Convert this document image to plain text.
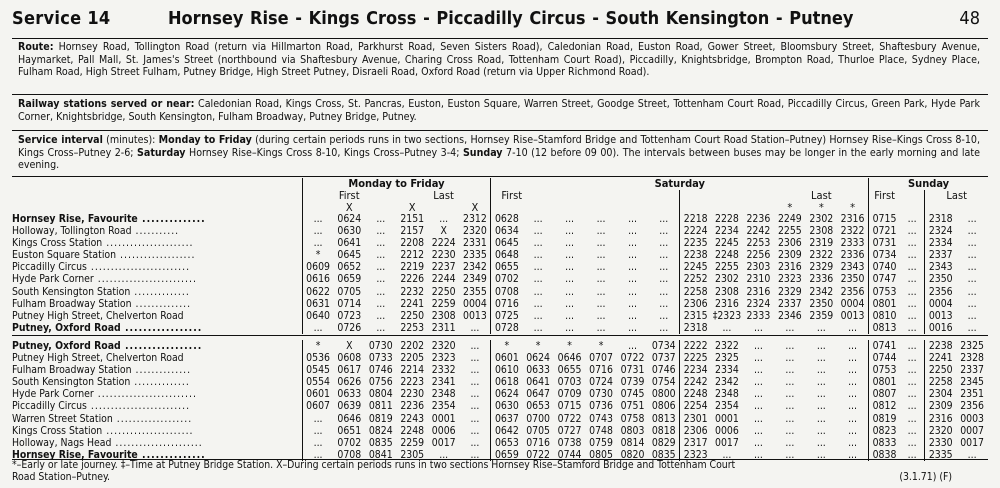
Service 14	Hornsey Rise - Kings Cross - Piccadilly Circus - South Kensington - Putney	48

Route: Hornsey Road, Tollington Road (return via Hillmarton Road, Parkhurst Road, Seven Sisters Road), Caledonian Road, Euston Road, Gower Street, Bloomsbury Street, Shaftesbury Avenue, Haymarket, Pall Mall, St. James's Street (northbound via Shaftesbury Avenue, Charing Cross Road, Tottenham Court Road), Piccadilly, Knightsbridge, Brompton Road, Thurloe Place, Sydney Place, Fulham Road, High Street Fulham, Putney Bridge, High Street Putney, Disraeli Road, Oxford Road (return via Upper Richmond Road).

Railway stations served or near: Caledonian Road, Kings Cross, St. Pancras, Euston, Euston Square, Warren Street, Goodge Street, Tottenham Court Road, Piccadilly Circus, Green Park, Hyde Park Corner, Knightsbridge, South Kensington, Fulham Broadway, Putney Bridge, Putney.

Service interval (minutes): Monday to Friday (during certain periods runs in two sections, Hornsey Rise–Stamford Bridge and Tottenham Court Road Station–Putney) Hornsey Rise–Kings Cross 8-10, Kings Cross–Putney 2-6; Saturday Hornsey Rise–Kings Cross 8-10, Kings Cross–Putney 3-4; Sunday 7-10 (12 before 09 00). The intervals between buses may be longer in the early morning and late evening.

	Monday to Friday						Saturday												Sunday			
		First			Last		First										Last		First		Last	
		X		X		X										*	*	*				
Hornsey Rise, Favourite ..............	...	0624	...	2151	...	2312	0628	...	...	...	...	...	2218	2228	2236	2249	2302	2316	0715	...	2318	...
Holloway, Tollington Road ...........	...	0630	...	2157	X	2320	0634	...	...	...	...	...	2224	2234	2242	2255	2308	2322	0721	...	2324	...
Kings Cross Station ......................	...	0641	...	2208	2224	2331	0645	...	...	...	...	...	2235	2245	2253	2306	2319	2333	0731	...	2334	...
Euston Square Station ...................	*	0645	...	2212	2230	2335	0648	...	...	...	...	...	2238	2248	2256	2309	2322	2336	0734	...	2337	...
Piccadilly Circus .........................	0609	0652	...	2219	2237	2342	0655	...	...	...	...	...	2245	2255	2303	2316	2329	2343	0740	...	2343	...
Hyde Park Corner .........................	0616	0659	...	2226	2244	2349	0702	...	...	...	...	...	2252	2302	2310	2323	2336	2350	0747	...	2350	...
South Kensington Station ..............	0622	0705	...	2232	2250	2355	0708	...	...	...	...	...	2258	2308	2316	2329	2342	2356	0753	...	2356	...
Fulham Broadway Station ..............	0631	0714	...	2241	2259	0004	0716	...	...	...	...	...	2306	2316	2324	2337	2350	0004	0801	...	0004	...
Putney High Street, Chelverton Road	0640	0723	...	2250	2308	0013	0725	...	...	...	...	...	2315	‡2323	2333	2346	2359	0013	0810	...	0013	...
Putney, Oxford Road .................	...	0726	...	2253	2311	...	0728	...	...	...	...	...	2318	...	...	...	...	...	0813	...	0016	...
Putney, Oxford Road .................	*	X	0730	2202	2320	...	*	*	*	*	...	0734	2222	2322	...	...	...	...	0741	...	2238	2325
Putney High Street, Chelverton Road	0536	0608	0733	2205	2323	...	0601	0624	0646	0707	0722	0737	2225	2325	...	...	...	...	0744	...	2241	2328
Fulham Broadway Station ..............	0545	0617	0746	2214	2332	...	0610	0633	0655	0716	0731	0746	2234	2334	...	...	...	...	0753	...	2250	2337
South Kensington Station ..............	0554	0626	0756	2223	2341	...	0618	0641	0703	0724	0739	0754	2242	2342	...	...	...	...	0801	...	2258	2345
Hyde Park Corner .........................	0601	0633	0804	2230	2348	...	0624	0647	0709	0730	0745	0800	2248	2348	...	...	...	...	0807	...	2304	2351
Piccadilly Circus .........................	0607	0639	0811	2236	2354	...	0630	0653	0715	0736	0751	0806	2254	2354	...	...	...	...	0812	...	2309	2356
Warren Street Station ...................	...	0646	0819	2243	0001	...	0637	0700	0722	0743	0758	0813	2301	0001	...	...	...	...	0819	...	2316	0003
Kings Cross Station ......................	...	0651	0824	2248	0006	...	0642	0705	0727	0748	0803	0818	2306	0006	...	...	...	...	0823	...	2320	0007
Holloway, Nags Head ......................	...	0702	0835	2259	0017	...	0653	0716	0738	0759	0814	0829	2317	0017	...	...	...	...	0833	...	2330	0017
Hornsey Rise, Favourite ..............	...	0708	0841	2305	...	...	0659	0722	0744	0805	0820	0835	2323	...	...	...	...	...	0838	...	2335	...
*–Early or late journey. ‡–Time at Putney Bridge Station. X–During certain periods runs in two sections Hornsey Rise–Stamford Bridge and Tottenham Court
Road Station–Putney.	(3.1.71) (F)
